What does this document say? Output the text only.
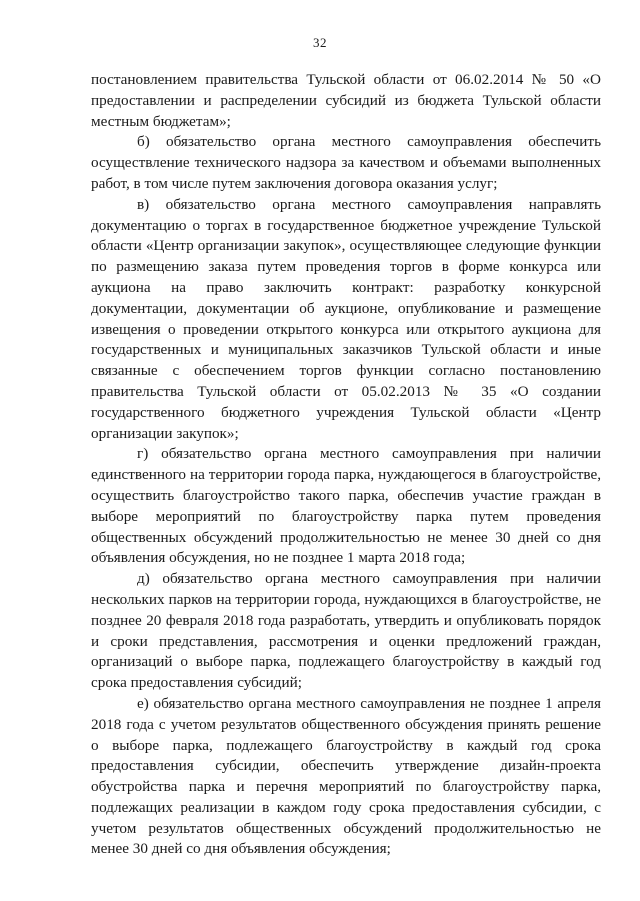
32

постановлением правительства Тульской области от 06.02.2014 № 50 «О предоставлении и распределении субсидий из бюджета Тульской области местным бюджетам»;

б) обязательство органа местного самоуправления обеспечить осуществление технического надзора за качеством и объемами выполненных работ, в том числе путем заключения договора оказания услуг;

в) обязательство органа местного самоуправления направлять документацию о торгах в государственное бюджетное учреждение Тульской области «Центр организации закупок», осуществляющее следующие функции по размещению заказа путем проведения торгов в форме конкурса или аукциона на право заключить контракт: разработку конкурсной документации, документации об аукционе, опубликование и размещение извещения о проведении открытого конкурса или открытого аукциона для государственных и муниципальных заказчиков Тульской области и иные связанные с обеспечением торгов функции согласно постановлению правительства Тульской области от 05.02.2013 № 35 «О создании государственного бюджетного учреждения Тульской области «Центр организации закупок»;

г) обязательство органа местного самоуправления при наличии единственного на территории города парка, нуждающегося в благоустройстве, осуществить благоустройство такого парка, обеспечив участие граждан в выборе мероприятий по благоустройству парка путем проведения общественных обсуждений продолжительностью не менее 30 дней со дня объявления обсуждения, но не позднее 1 марта 2018 года;

д) обязательство органа местного самоуправления при наличии нескольких парков на территории города, нуждающихся в благоустройстве, не позднее 20 февраля 2018 года разработать, утвердить и опубликовать порядок и сроки представления, рассмотрения и оценки предложений граждан, организаций о выборе парка, подлежащего благоустройству в каждый год срока предоставления субсидий;

е) обязательство органа местного самоуправления не позднее 1 апреля 2018 года с учетом результатов общественного обсуждения принять решение о выборе парка, подлежащего благоустройству в каждый год срока предоставления субсидии, обеспечить утверждение дизайн-проекта обустройства парка и перечня мероприятий по благоустройству парка, подлежащих реализации в каждом году срока предоставления субсидии, с учетом результатов общественных обсуждений продолжительностью не менее 30 дней со дня объявления обсуждения;
